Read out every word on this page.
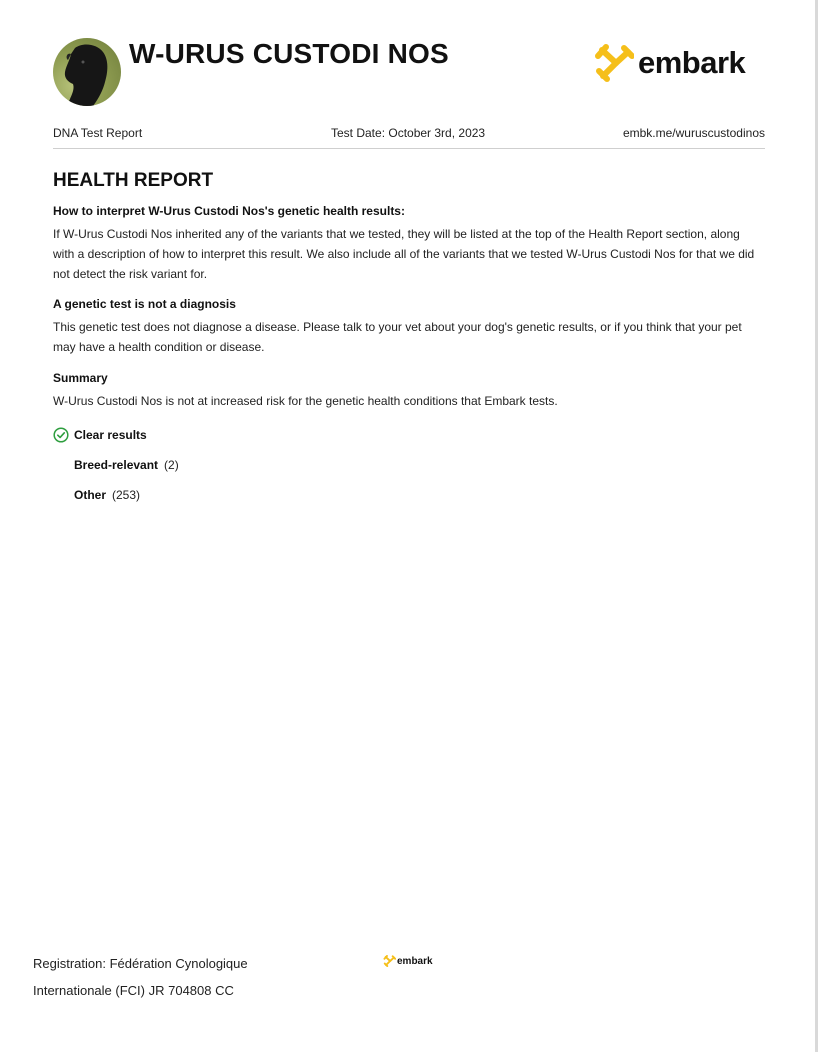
W-URUS CUSTODI NOS	embark
DNA Test Report	Test Date: October 3rd, 2023	embk.me/wuruscustodinos
HEALTH REPORT
How to interpret W-Urus Custodi Nos's genetic health results:

If W-Urus Custodi Nos inherited any of the variants that we tested, they will be listed at the top of the Health Report section, along with a description of how to interpret this result. We also include all of the variants that we tested W-Urus Custodi Nos for that we did not detect the risk variant for.

A genetic test is not a diagnosis

This genetic test does not diagnose a disease. Please talk to your vet about your dog's genetic results, or if you think that your pet may have a health condition or disease.

Summary

W-Urus Custodi Nos is not at increased risk for the genetic health conditions that Embark tests.

Clear results
Breed-relevant (2)
Other (253)
Registration: Fédération Cynologique
Internationale (FCI) JR 704808 CC
embark
